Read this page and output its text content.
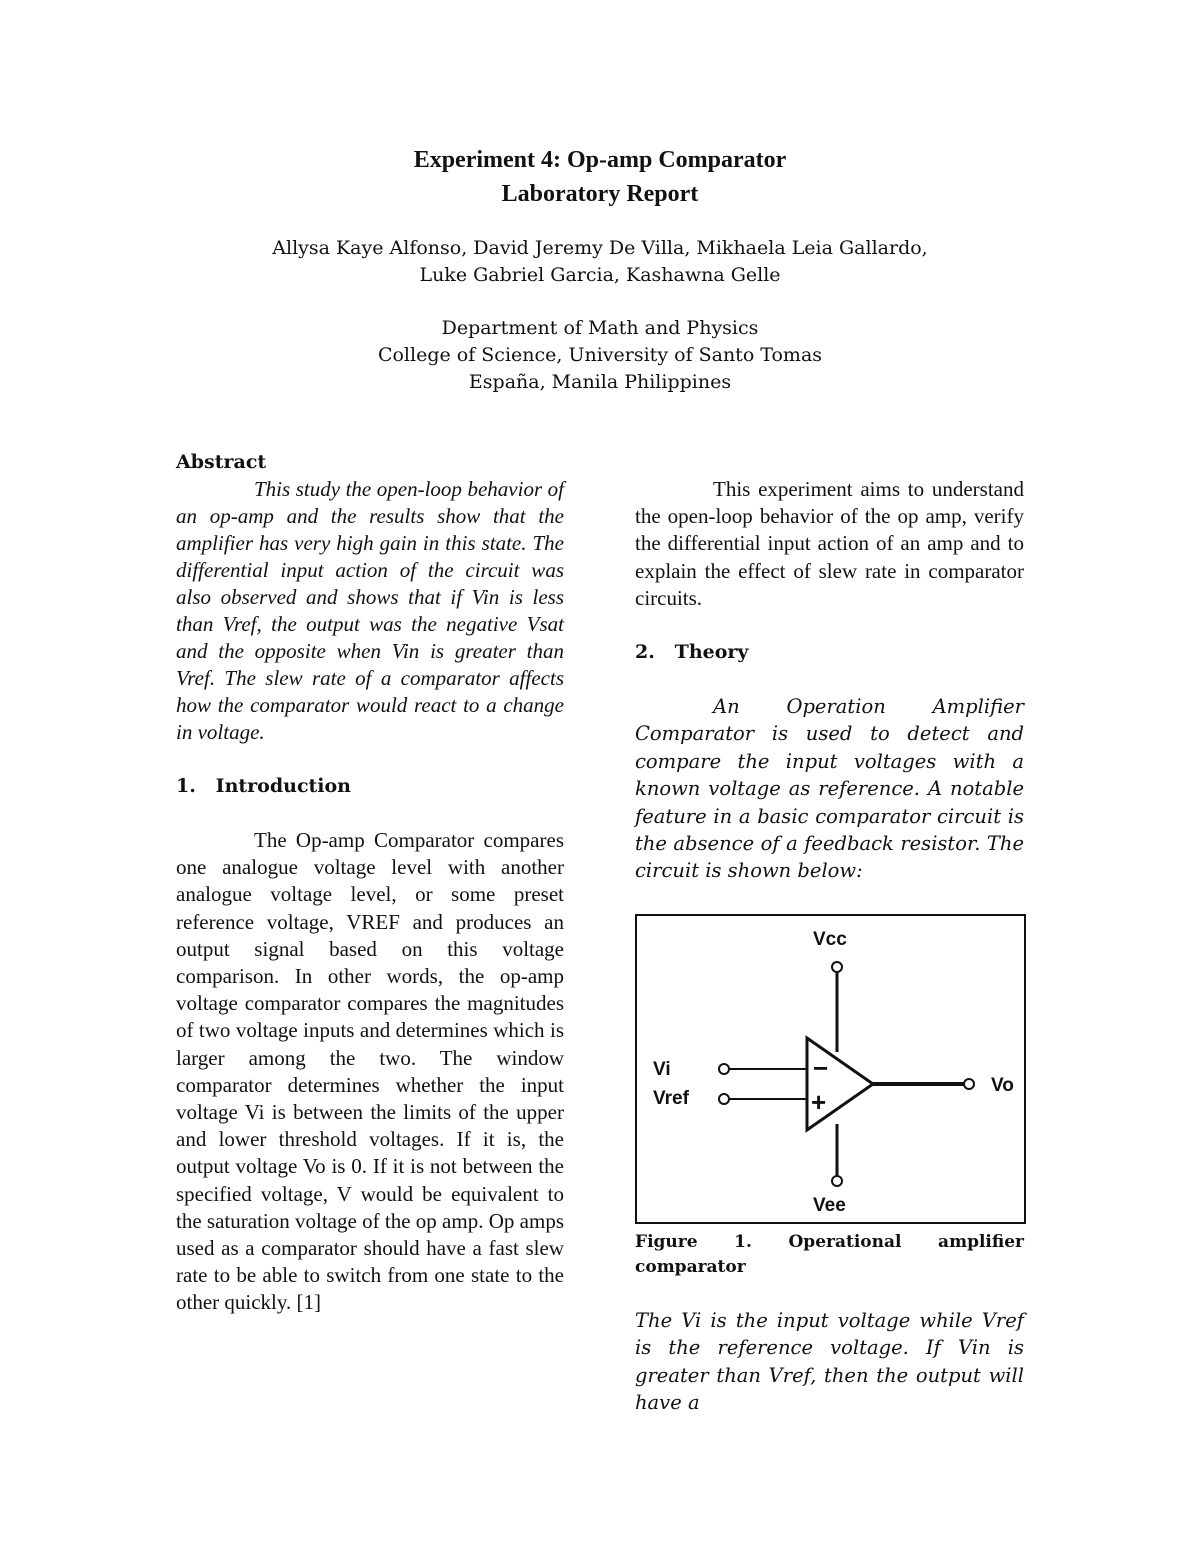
Experiment 4: Op-amp Comparator
Laboratory Report
Allysa Kaye Alfonso, David Jeremy De Villa, Mikhaela Leia Gallardo,
Luke Gabriel Garcia, Kashawna Gelle
Department of Math and Physics
College of Science, University of Santo Tomas
España, Manila Philippines
Abstract

This study the open-loop behavior of an op-amp and the results show that the amplifier has very high gain in this state. The differential input action of the circuit was also observed and shows that if Vin is less than Vref, the output was the negative Vsat and the opposite when Vin is greater than Vref. The slew rate of a comparator affects how the comparator would react to a change in voltage.

1.   Introduction

The Op-amp Comparator compares one analogue voltage level with another analogue voltage level, or some preset reference voltage, VREF and produces an output signal based on this voltage comparison. In other words, the op-amp voltage comparator compares the magnitudes of two voltage inputs and determines which is larger among the two. The window comparator determines whether the input voltage Vi is between the limits of the upper and lower threshold voltages. If it is, the output voltage Vo is 0. If it is not between the specified voltage, V would be equivalent to the saturation voltage of the op amp. Op amps used as a comparator should have a fast slew rate to be able to switch from one state to the other quickly. [1]

This experiment aims to understand the open-loop behavior of the op amp, verify the differential input action of an amp and to explain the effect of slew rate in comparator circuits.

2.   Theory

An Operation Amplifier Comparator is used to detect and compare the input voltages with a known voltage as reference. A notable feature in a basic comparator circuit is the absence of a feedback resistor. The circuit is shown below:

Vcc
Vee
−
+
Vi
Vref
Vo

Figure 1. Operational amplifier comparator

The Vi is the input voltage while Vref is the reference voltage. If Vin is greater than Vref, then the output will have a
